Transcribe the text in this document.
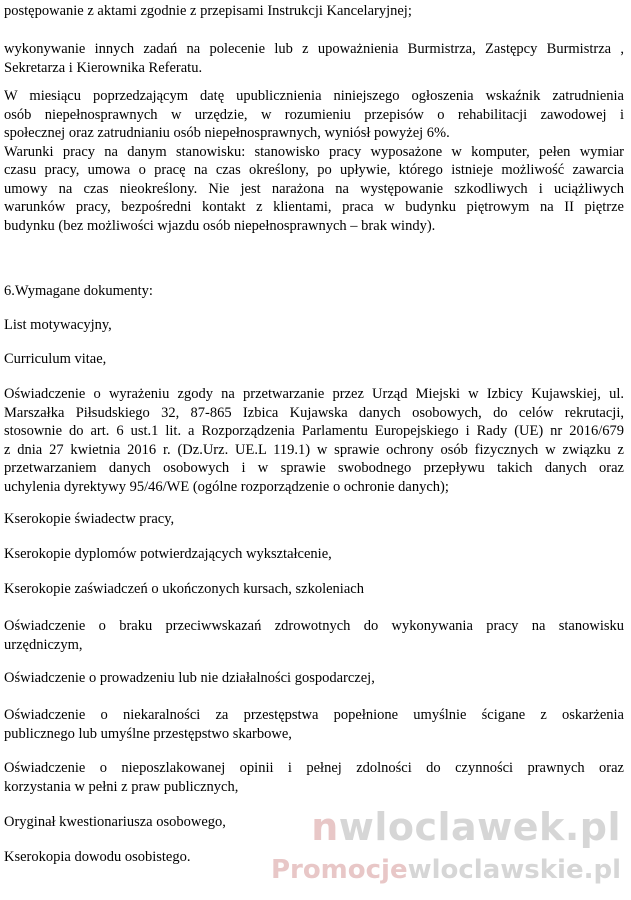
postępowanie z aktami zgodnie z przepisami Instrukcji Kancelaryjnej;
wykonywanie innych zadań na polecenie lub z upoważnienia Burmistrza, Zastępcy Burmistrza ,
Sekretarza i Kierownika Referatu.
W miesiącu poprzedzającym datę upublicznienia niniejszego ogłoszenia wskaźnik zatrudnienia
osób niepełnosprawnych w urzędzie, w rozumieniu przepisów o rehabilitacji zawodowej i
społecznej oraz zatrudnianiu osób niepełnosprawnych, wyniósł powyżej 6%.
Warunki pracy na danym stanowisku: stanowisko pracy wyposażone w komputer, pełen wymiar
czasu pracy, umowa o pracę na czas określony, po upływie, którego istnieje możliwość zawarcia
umowy na czas nieokreślony. Nie jest narażona na występowanie szkodliwych i uciążliwych
warunków pracy, bezpośredni kontakt z klientami, praca w budynku piętrowym na II piętrze
budynku (bez możliwości wjazdu osób niepełnosprawnych – brak windy).
6.Wymagane dokumenty:
List motywacyjny,
Curriculum vitae,
Oświadczenie o wyrażeniu zgody na przetwarzanie przez Urząd Miejski w Izbicy Kujawskiej, ul.
Marszałka Piłsudskiego 32, 87-865 Izbica Kujawska danych osobowych, do celów rekrutacji,
stosownie do art. 6 ust.1 lit. a Rozporządzenia Parlamentu Europejskiego i Rady (UE) nr 2016/679
z dnia 27 kwietnia 2016 r. (Dz.Urz. UE.L 119.1) w sprawie ochrony osób fizycznych w związku z
przetwarzaniem danych osobowych i w sprawie swobodnego przepływu takich danych oraz
uchylenia dyrektywy 95/46/WE (ogólne rozporządzenie o ochronie danych);
Kserokopie świadectw pracy,
Kserokopie dyplomów potwierdzających wykształcenie,
Kserokopie zaświadczeń o ukończonych kursach, szkoleniach
Oświadczenie o braku przeciwwskazań zdrowotnych do wykonywania pracy na stanowisku
urzędniczym,
Oświadczenie o prowadzeniu lub nie działalności gospodarczej,
Oświadczenie o niekaralności za przestępstwa popełnione umyślnie ścigane z oskarżenia
publicznego lub umyślne przestępstwo skarbowe,
Oświadczenie o nieposzlakowanej opinii i pełnej zdolności do czynności prawnych oraz
korzystania w pełni z praw publicznych,
Oryginał kwestionariusza osobowego,
Kserokopia dowodu osobistego.
nwloclawek.pl
Promocjewloclawskie.pl
